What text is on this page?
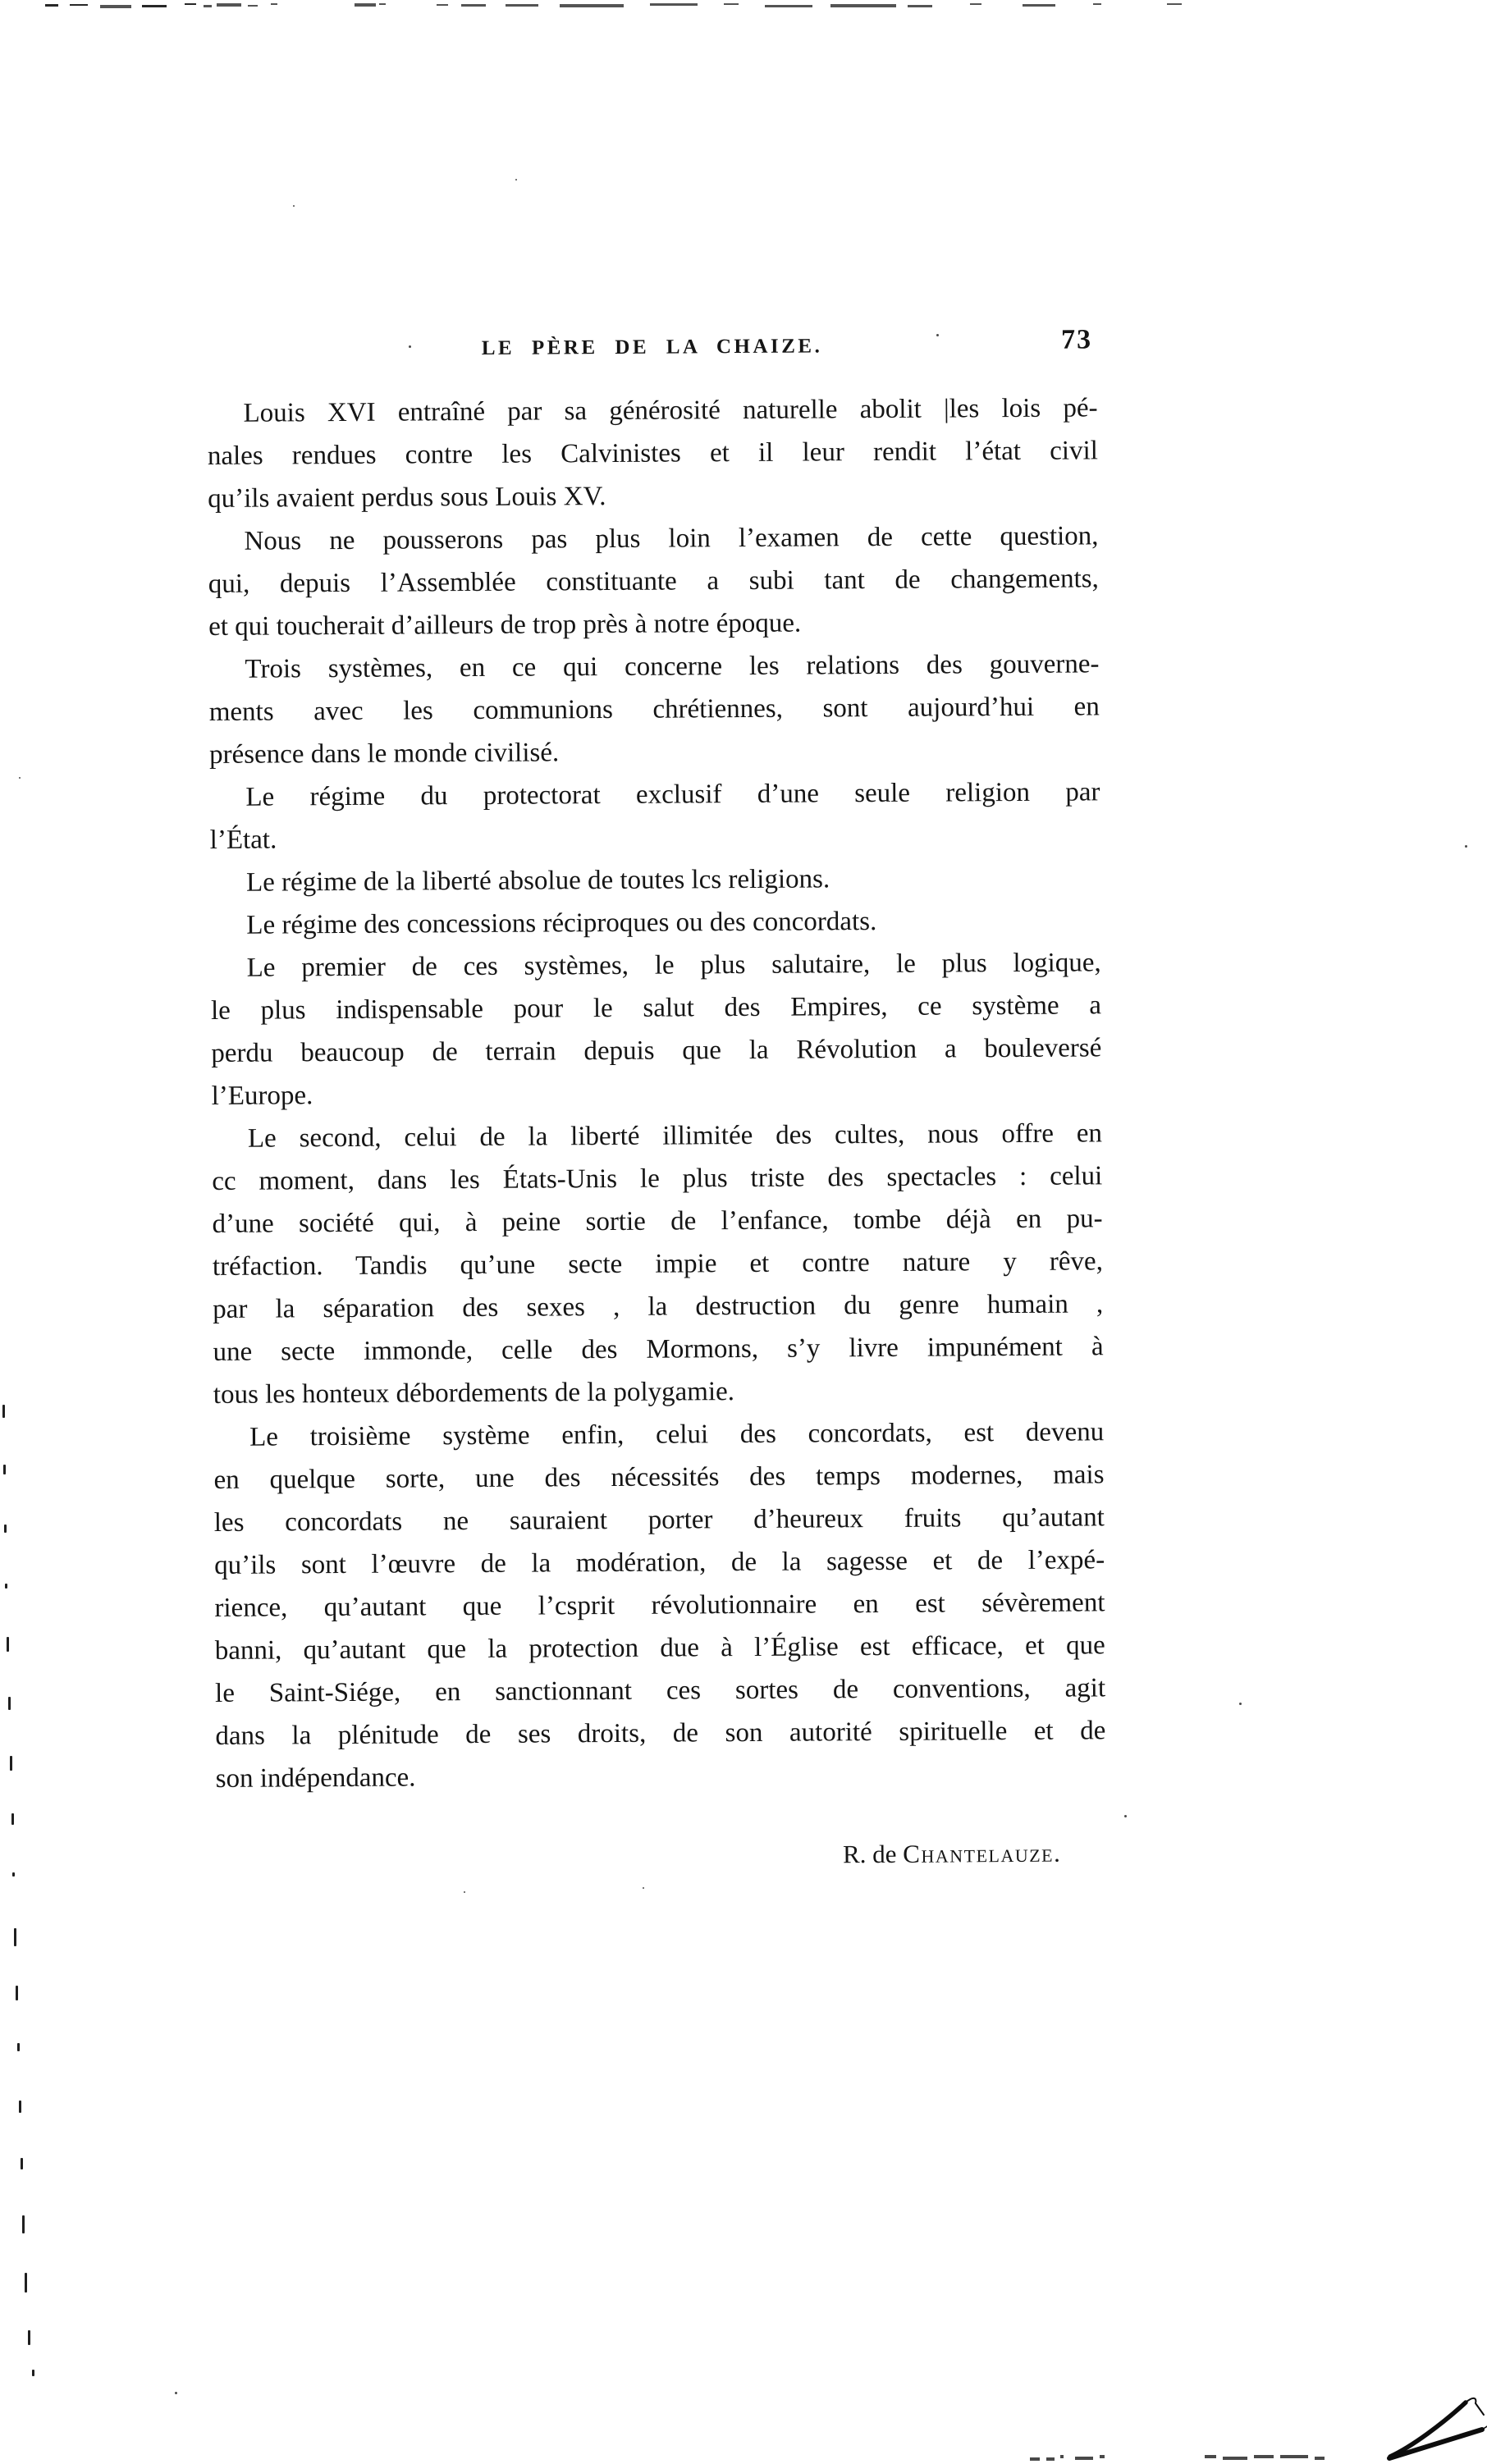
LE PÈRE DE LA CHAIZE.	73
Louis XVI entraîné par sa générosité naturelle abolit |les lois pé-
nales rendues contre les Calvinistes et il leur rendit l’état civil
qu’ils avaient perdus sous Louis XV.
Nous ne pousserons pas plus loin l’examen de cette question,
qui, depuis l’Assemblée constituante a subi tant de changements,
et qui toucherait d’ailleurs de trop près à notre époque.
Trois systèmes, en ce qui concerne les relations des gouverne-
ments avec les communions chrétiennes, sont aujourd’hui en
présence dans le monde civilisé.
Le régime du protectorat exclusif d’une seule religion par
l’État.
Le régime de la liberté absolue de toutes lcs religions.
Le régime des concessions réciproques ou des concordats.
Le premier de ces systèmes, le plus salutaire, le plus logique,
le plus indispensable pour le salut des Empires, ce système a
perdu beaucoup de terrain depuis que la Révolution a bouleversé
l’Europe.
Le second, celui de la liberté illimitée des cultes, nous offre en
cc moment, dans les États-Unis le plus triste des spectacles : celui
d’une société qui, à peine sortie de l’enfance, tombe déjà en pu-
tréfaction. Tandis qu’une secte impie et contre nature y rêve,
par la séparation des sexes , la destruction du genre humain ,
une secte immonde, celle des Mormons, s’y livre impunément à
tous les honteux débordements de la polygamie.
Le troisième système enfin, celui des concordats, est devenu
en quelque sorte, une des nécessités des temps modernes, mais
les concordats ne sauraient porter d’heureux fruits qu’autant
qu’ils sont l’œuvre de la modération, de la sagesse et de l’expé-
rience, qu’autant que l’csprit révolutionnaire en est sévèrement
banni, qu’autant que la protection due à l’Église est efficace, et que
le Saint-Siége, en sanctionnant ces sortes de conventions, agit
dans la plénitude de ses droits, de son autorité spirituelle et de
son indépendance.
R. de Chantelauze.
